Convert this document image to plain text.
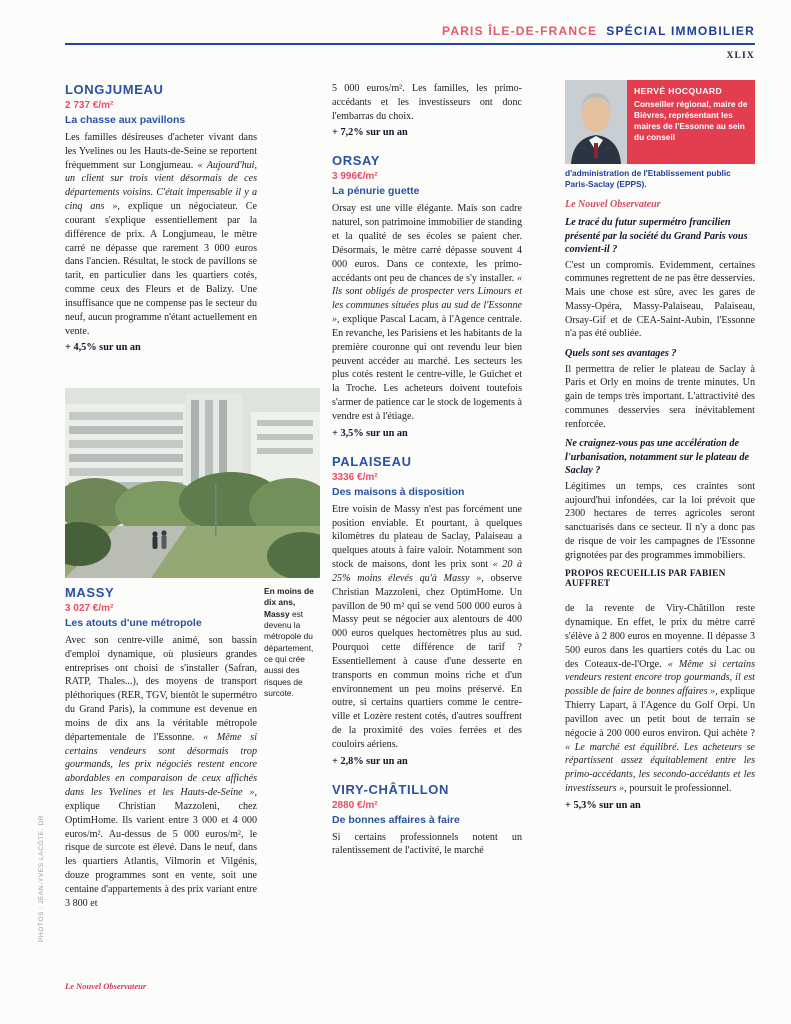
PARIS ÎLE-DE-FRANCE SPÉCIAL IMMOBILIER
XLIX
LONGJUMEAU
2 737 €/m²
La chasse aux pavillons

Les familles désireuses d'acheter vivant dans les Yvelines ou les Hauts-de-Seine se reportent fréquemment sur Longjumeau. « Aujourd'hui, un client sur trois vient désormais de ces départements voisins. C'était impensable il y a cinq ans », explique un négociateur. Ce courant s'explique essentiellement par la différence de prix. A Longjumeau, le mètre carré ne dépasse que rarement 3 000 euros dans l'ancien. Résultat, le stock de pavillons se tarit, en particulier dans les quartiers cotés, comme ceux des Fleurs et de Balizy. Une insuffisance que ne compense pas le secteur du neuf, aucun programme n'étant actuellement en vente.

+ 4,5% sur un an

En moins de dix ans, Massy est devenu la métropole du département, ce qui crée aussi des risques de surcote.
MASSY
3 027 €/m²
Les atouts d'une métropole

Avec son centre-ville animé, son bassin d'emploi dynamique, où plusieurs grandes entreprises ont choisi de s'installer (Safran, RATP, Thales...), des moyens de transport pléthoriques (RER, TGV, bientôt le supermétro du Grand Paris), la commune est devenue en moins de dix ans la véritable métropole départementale de l'Essonne. « Même si certains vendeurs sont désormais trop gourmands, les prix négociés restent encore abordables en comparaison de ceux affichés dans les Yvelines et les Hauts-de-Seine », explique Christian Mazzoleni, chez OptimHome. Ils varient entre 3 000 et 4 000 euros/m². Au-dessus de 5 000 euros/m², le risque de surcote est élevé. Dans le neuf, dans les quartiers Atlantis, Vilmorin et Vilgénis, douze programmes sont en vente, soit une centaine d'appartements à des prix variant entre 3 800 et

5 000 euros/m². Les familles, les primo-accédants et les investisseurs ont donc l'embarras du choix.

+ 7,2% sur un an

ORSAY
3 996€/m²
La pénurie guette

Orsay est une ville élégante. Mais son cadre naturel, son patrimoine immobilier de standing et la qualité de ses écoles se paient cher. Désormais, le mètre carré dépasse souvent 4 000 euros. Dans ce contexte, les primo-accédants ont peu de chances de s'y installer. « Ils sont obligés de prospecter vers Limours et les communes situées plus au sud de l'Essonne », explique Pascal Lacam, à l'Agence centrale. En revanche, les Parisiens et les habitants de la première couronne qui ont revendu leur bien peuvent accéder au marché. Les secteurs les plus cotés restent le centre-ville, le Guichet et la Troche. Les acheteurs doivent toutefois s'armer de patience car le stock de logements à vendre est à l'étiage.

+ 3,5% sur un an

PALAISEAU
3336 €/m²
Des maisons à disposition

Etre voisin de Massy n'est pas forcément une position enviable. Et pourtant, à quelques kilomètres du plateau de Saclay, Palaiseau a quelques atouts à faire valoir. Notamment son stock de maisons, dont les prix sont « 20 à 25% moins élevés qu'à Massy », observe Christian Mazzoleni, chez OptimHome. Un pavillon de 90 m² qui se vend 500 000 euros à Massy peut se négocier aux alentours de 400 000 euros quelques hectomètres plus au sud. Pourquoi cette différence de tarif ? Essentiellement à cause d'une desserte en transports en commun moins riche et d'un environnement un peu moins préservé. En outre, si certains quartiers comme le centre-ville et Lozère restent cotés, d'autres souffrent de la proximité des voies ferrées et des couloirs aériens.

+ 2,8% sur un an

VIRY-CHÂTILLON
2880 €/m²
De bonnes affaires à faire

Si certains professionnels notent un ralentissement de l'activité, le marché

HERVÉ HOCQUARD
Conseiller régional, maire de Bièvres, représentant les maires de l'Essonne au sein du conseil
d'administration de l'Etablissement public Paris-Saclay (EPPS).
Le Nouvel Observateur

Le tracé du futur supermétro francilien présenté par la société du Grand Paris vous convient-il ?

C'est un compromis. Evidemment, certaines communes regrettent de ne pas être desservies. Mais une chose est sûre, avec les gares de Massy-Opéra, Massy-Palaiseau, Palaiseau, Orsay-Gif et de CEA-Saint-Aubin, l'Essonne n'a pas été oubliée.

Quels sont ses avantages ?

Il permettra de relier le plateau de Saclay à Paris et Orly en moins de trente minutes. Un gain de temps très important. L'attractivité des communes desservies sera inévitablement renforcée.

Ne craignez-vous pas une accélération de l'urbanisation, notamment sur le plateau de Saclay ?

Légitimes un temps, ces craintes sont aujourd'hui infondées, car la loi prévoit que 2300 hectares de terres agricoles seront sanctuarisés dans ce secteur. Il n'y a donc pas de risque de voir les campagnes de l'Essonne grignotées par des programmes immobiliers.

PROPOS RECUEILLIS PAR FABIEN AUFFRET

de la revente de Viry-Châtillon reste dynamique. En effet, le prix du mètre carré s'élève à 2 800 euros en moyenne. Il dépasse 3 500 euros dans les quartiers cotés du Lac ou des Coteaux-de-l'Orge. « Même si certains vendeurs restent encore trop gourmands, il est possible de faire de bonnes affaires », explique Thierry Lapart, à l'Agence du Golf Orpi. Un pavillon avec un petit bout de terrain se négocie à 200 000 euros environ. Qui achète ? « Le marché est équilibré. Les acheteurs se répartissent assez équitablement entre les primo-accédants, les secondo-accédants et les investisseurs », poursuit le professionnel.

+ 5,3% sur un an

PHOTOS : JEAN-YVES LACÔTE. DR
Le Nouvel Observateur
